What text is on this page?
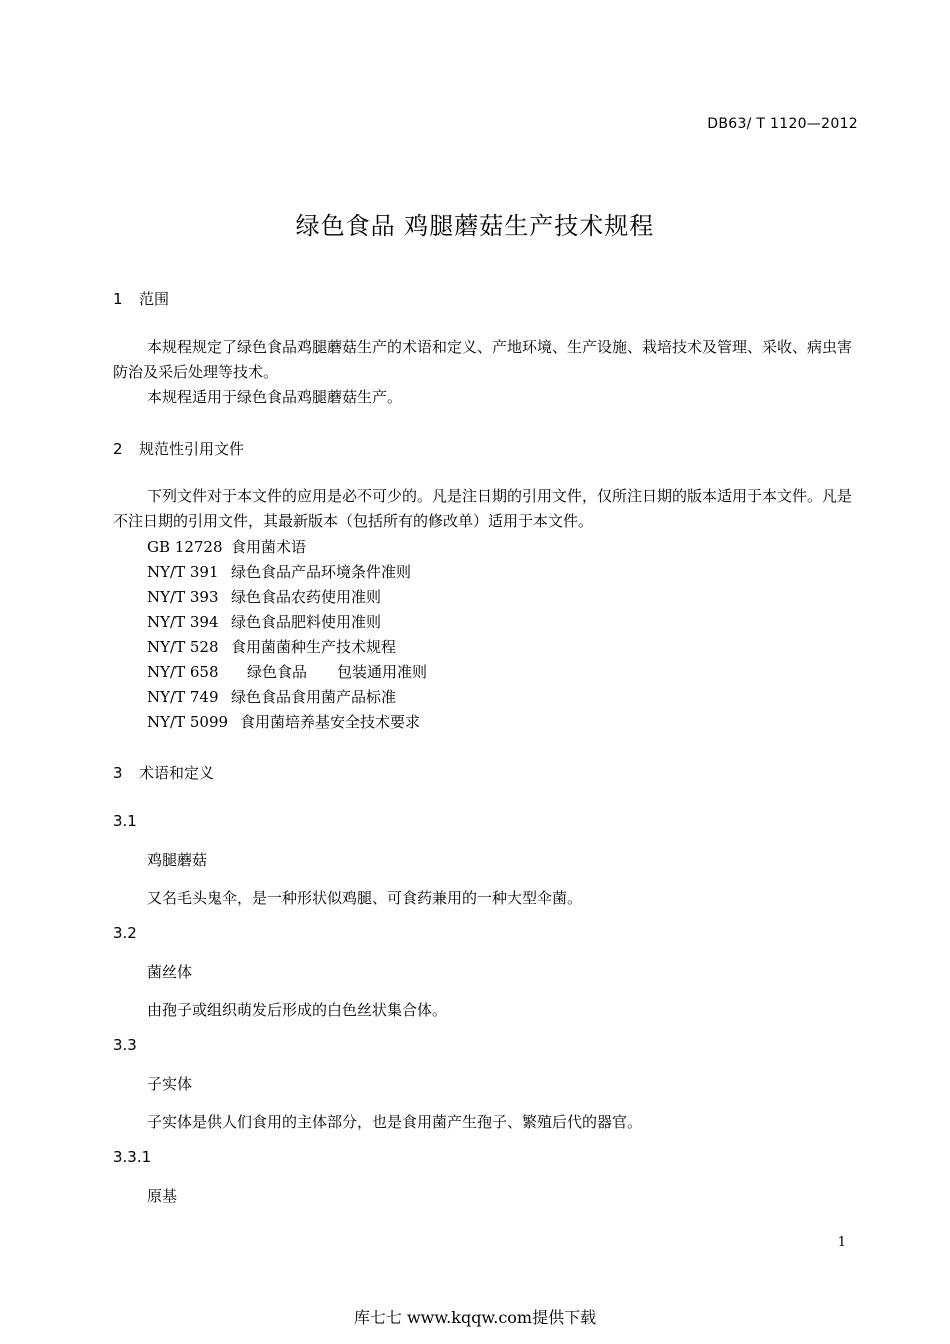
DB63/ T 1120—2012
绿色食品 鸡腿蘑菇生产技术规程
1 范围
本规程规定了绿色食品鸡腿蘑菇生产的术语和定义、产地环境、生产设施、栽培技术及管理、采收、病虫害防治及采后处理等技术。
本规程适用于绿色食品鸡腿蘑菇生产。
2 规范性引用文件
下列文件对于本文件的应用是必不可少的。凡是注日期的引用文件，仅所注日期的版本适用于本文件。凡是不注日期的引用文件，其最新版本（包括所有的修改单）适用于本文件。
GB 12728 食用菌术语
NY/T 391 绿色食品产品环境条件准则
NY/T 393 绿色食品农药使用准则
NY/T 394 绿色食品肥料使用准则
NY/T 528 食用菌菌种生产技术规程
NY/T 658 绿色食品　　包装通用准则
NY/T 749 绿色食品食用菌产品标准
NY/T 5099 食用菌培养基安全技术要求
3 术语和定义
3.1
鸡腿蘑菇
又名毛头鬼伞，是一种形状似鸡腿、可食药兼用的一种大型伞菌。
3.2
菌丝体
由孢子或组织萌发后形成的白色丝状集合体。
3.3
子实体
子实体是供人们食用的主体部分，也是食用菌产生孢子、繁殖后代的器官。
3.3.1
原基
1
库七七 www.kqqw.com提供下载
